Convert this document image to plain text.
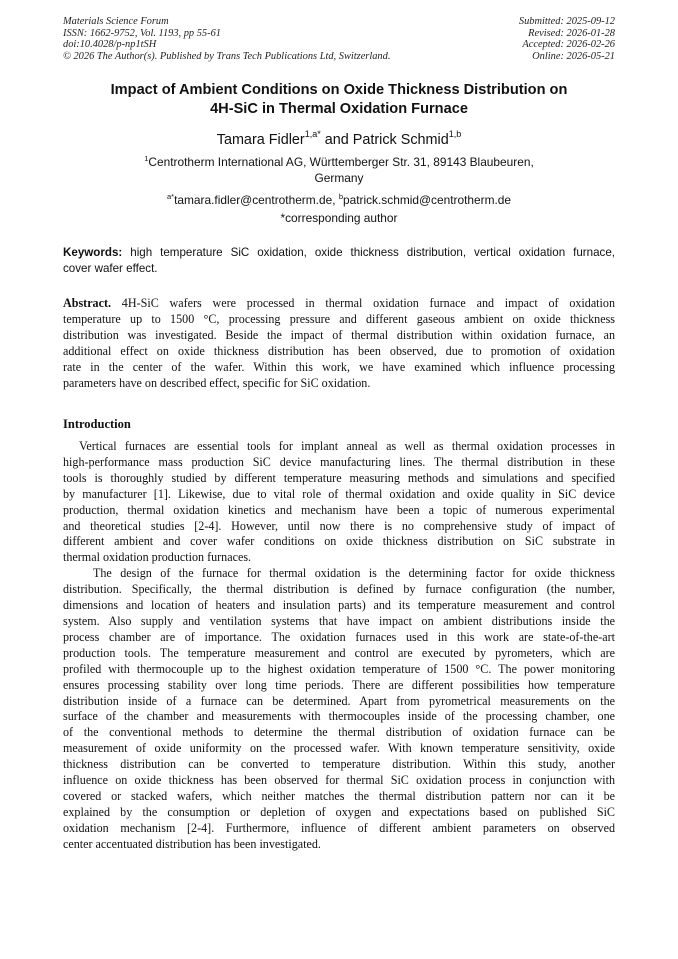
Materials Science Forum
ISSN: 1662-9752, Vol. 1193, pp 55-61
doi:10.4028/p-np1tSH
© 2026 The Author(s). Published by Trans Tech Publications Ltd, Switzerland.
Submitted: 2025-09-12
Revised: 2026-01-28
Accepted: 2026-02-26
Online: 2026-05-21
Impact of Ambient Conditions on Oxide Thickness Distribution on
4H-SiC in Thermal Oxidation Furnace
Tamara Fidler$^{1,a*}$ and Patrick Schmid$^{1,b}$
$^1$Centrotherm International AG, Württemberger Str. 31, 89143 Blaubeuren,
Germany
$^{a*}$tamara.fidler@centrotherm.de, $^b$patrick.schmid@centrotherm.de
*corresponding author
Keywords: high temperature SiC oxidation, oxide thickness distribution, vertical oxidation furnace,
cover wafer effect.
Abstract. 4H-SiC wafers were processed in thermal oxidation furnace and impact of oxidation
temperature up to 1500 °C, processing pressure and different gaseous ambient on oxide thickness
distribution was investigated. Beside the impact of thermal distribution within oxidation furnace, an
additional effect on oxide thickness distribution has been observed, due to promotion of oxidation
rate in the center of the wafer. Within this work, we have examined which influence processing
parameters have on described effect, specific for SiC oxidation.
Introduction
Vertical furnaces are essential tools for implant anneal as well as thermal oxidation processes in
high-performance mass production SiC device manufacturing lines. The thermal distribution in these
tools is thoroughly studied by different temperature measuring methods and simulations and specified
by manufacturer [1]. Likewise, due to vital role of thermal oxidation and oxide quality in SiC device
production, thermal oxidation kinetics and mechanism have been a topic of numerous experimental
and theoretical studies [2-4]. However, until now there is no comprehensive study of impact of
different ambient and cover wafer conditions on oxide thickness distribution on SiC substrate in
thermal oxidation production furnaces.
The design of the furnace for thermal oxidation is the determining factor for oxide thickness
distribution. Specifically, the thermal distribution is defined by furnace configuration (the number,
dimensions and location of heaters and insulation parts) and its temperature measurement and control
system. Also supply and ventilation systems that have impact on ambient distributions inside the
process chamber are of importance. The oxidation furnaces used in this work are state-of-the-art
production tools. The temperature measurement and control are executed by pyrometers, which are
profiled with thermocouple up to the highest oxidation temperature of 1500 °C. The power monitoring
ensures processing stability over long time periods. There are different possibilities how temperature
distribution inside of a furnace can be determined. Apart from pyrometrical measurements on the
surface of the chamber and measurements with thermocouples inside of the processing chamber, one
of the conventional methods to determine the thermal distribution of oxidation furnace can be
measurement of oxide uniformity on the processed wafer. With known temperature sensitivity, oxide
thickness distribution can be converted to temperature distribution. Within this study, another
influence on oxide thickness has been observed for thermal SiC oxidation process in conjunction with
covered or stacked wafers, which neither matches the thermal distribution pattern nor can it be
explained by the consumption or depletion of oxygen and expectations based on published SiC
oxidation mechanism [2-4]. Furthermore, influence of different ambient parameters on observed
center accentuated distribution has been investigated.
